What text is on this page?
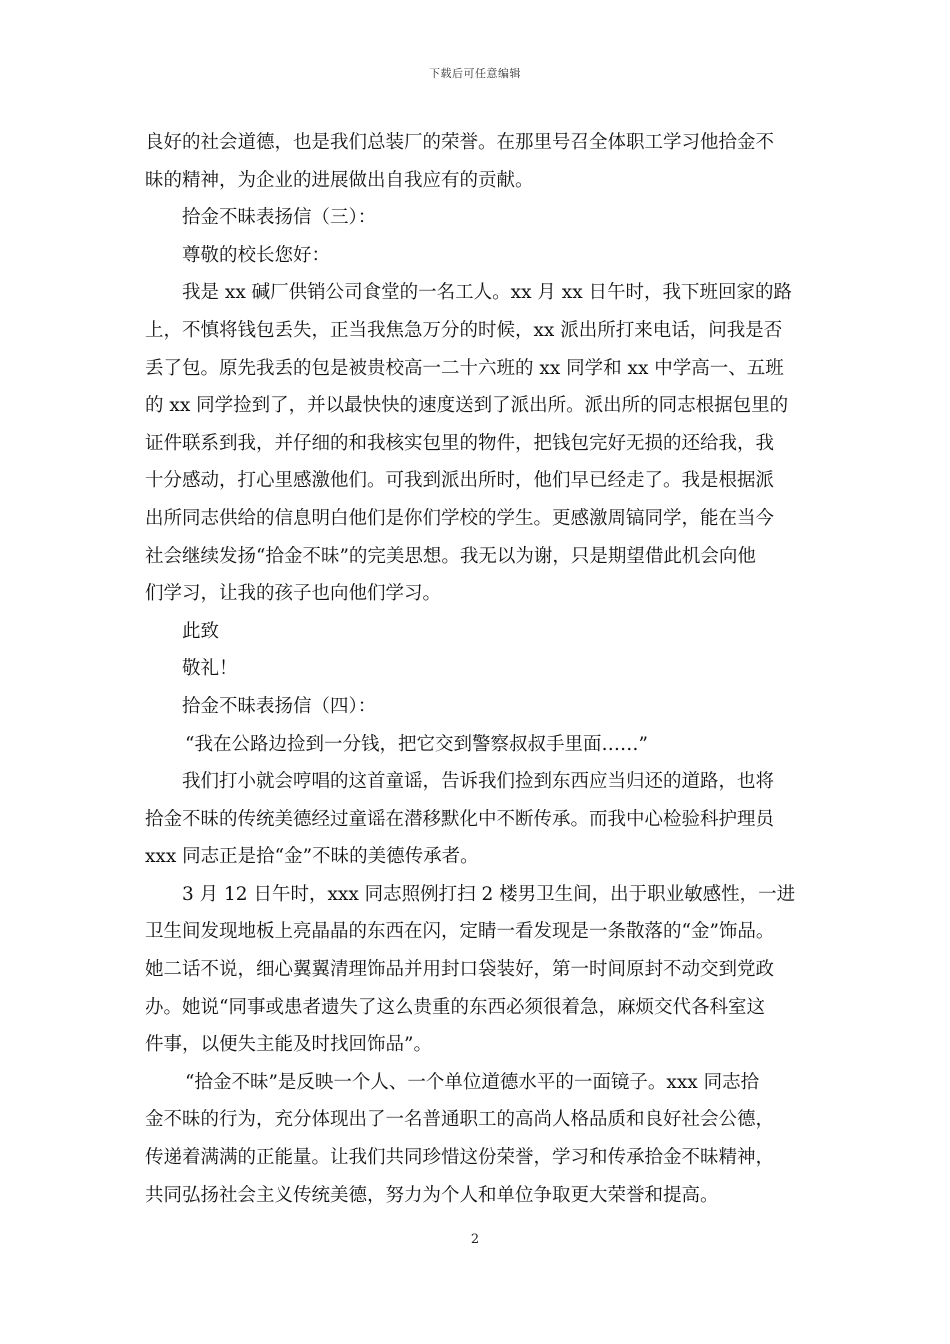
下载后可任意编辑
良好的社会道德，也是我们总装厂的荣誉。在那里号召全体职工学习他拾金不
昧的精神，为企业的进展做出自我应有的贡献。
拾金不昧表扬信（三）：
尊敬的校长您好：
我是 xx 碱厂供销公司食堂的一名工人。xx 月 xx 日午时，我下班回家的路
上，不慎将钱包丢失，正当我焦急万分的时候，xx 派出所打来电话，问我是否
丢了包。原先我丢的包是被贵校高一二十六班的 xx 同学和 xx 中学高一、五班
的 xx 同学捡到了，并以最快快的速度送到了派出所。派出所的同志根据包里的
证件联系到我，并仔细的和我核实包里的物件，把钱包完好无损的还给我，我
十分感动，打心里感激他们。可我到派出所时，他们早已经走了。我是根据派
出所同志供给的信息明白他们是你们学校的学生。更感激周镐同学，能在当今
社会继续发扬“拾金不昧”的完美思想。我无以为谢，只是期望借此机会向他
们学习，让我的孩子也向他们学习。
此致
敬礼！
拾金不昧表扬信（四）：
“我在公路边捡到一分钱，把它交到警察叔叔手里面……”
我们打小就会哼唱的这首童谣，告诉我们捡到东西应当归还的道路，也将
拾金不昧的传统美德经过童谣在潜移默化中不断传承。而我中心检验科护理员
xxx 同志正是拾“金”不昧的美德传承者。
3 月 12 日午时，xxx 同志照例打扫 2 楼男卫生间，出于职业敏感性，一进
卫生间发现地板上亮晶晶的东西在闪，定睛一看发现是一条散落的“金”饰品。
她二话不说，细心翼翼清理饰品并用封口袋装好，第一时间原封不动交到党政
办。她说“同事或患者遗失了这么贵重的东西必须很着急，麻烦交代各科室这
件事，以便失主能及时找回饰品”。
“拾金不昧”是反映一个人、一个单位道德水平的一面镜子。xxx 同志拾
金不昧的行为，充分体现出了一名普通职工的高尚人格品质和良好社会公德，
传递着满满的正能量。让我们共同珍惜这份荣誉，学习和传承拾金不昧精神，
共同弘扬社会主义传统美德，努力为个人和单位争取更大荣誉和提高。
2
